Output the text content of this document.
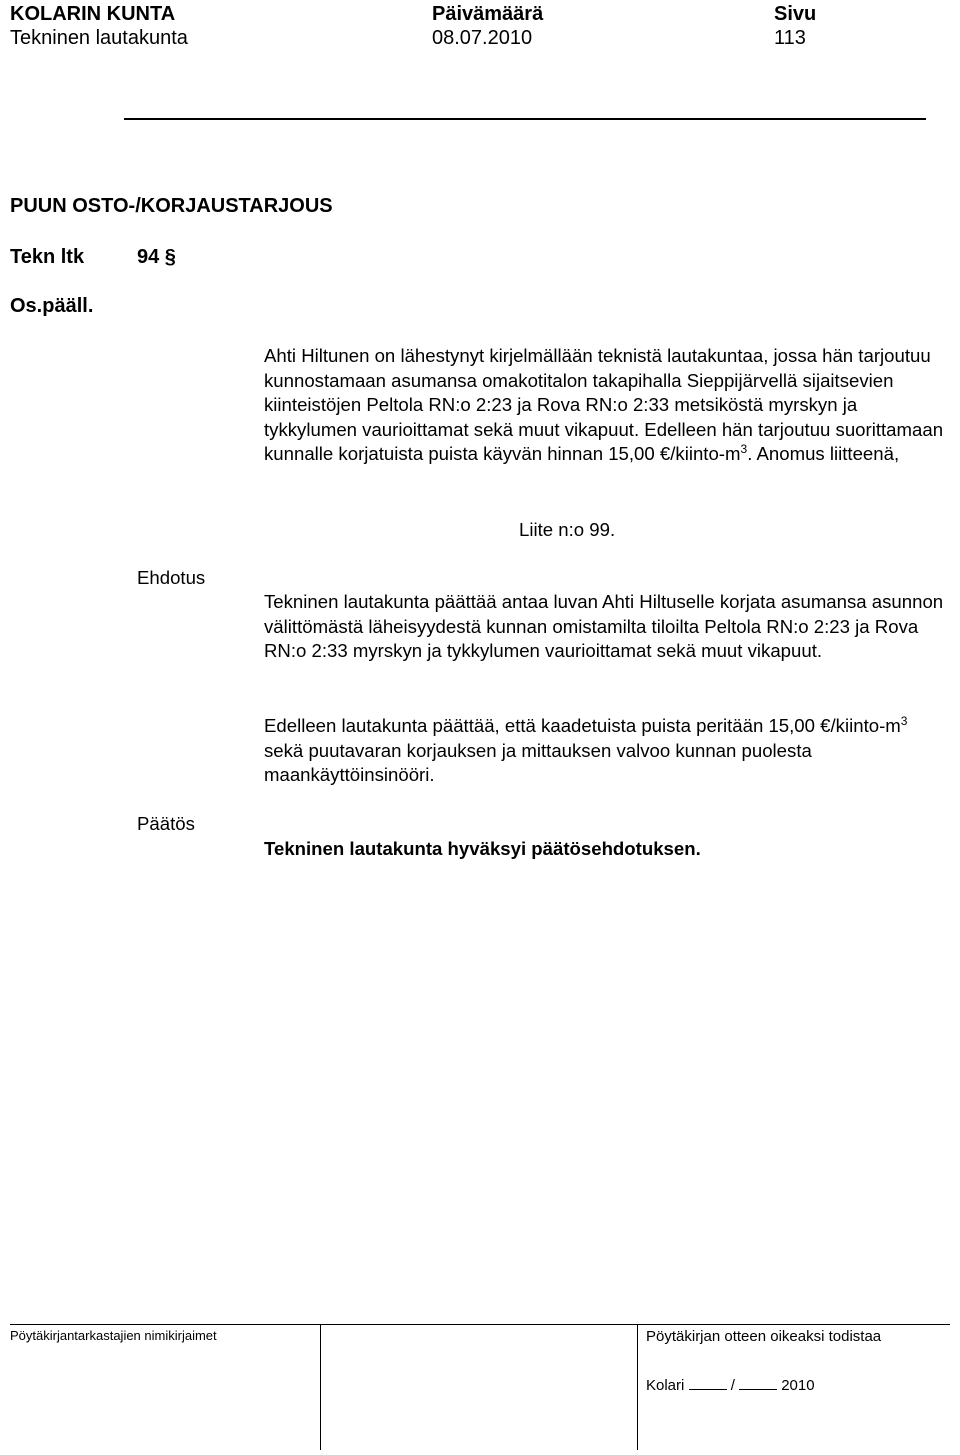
KOLARIN KUNTA	Päivämäärä	Sivu
Tekninen lautakunta	08.07.2010	113
PUUN OSTO-/KORJAUSTARJOUS
Tekn ltk	94 §
Os.pääll.
Ahti Hiltunen on lähestynyt kirjelmällään teknistä lautakuntaa, jossa hän tarjoutuu kunnostamaan asumansa omakotitalon takapihalla Sieppijärvellä sijaitsevien kiinteistöjen Peltola RN:o 2:23 ja Rova RN:o 2:33 metsiköstä myrskyn ja tykkylumen vaurioittamat sekä muut vikapuut. Edelleen hän tarjoutuu suorittamaan kunnalle korjatuista puista käyvän hinnan 15,00 $€/kiinto-m^3$. Anomus liitteenä,
Liite n:o 99.
Ehdotus
Tekninen lautakunta päättää antaa luvan Ahti Hiltuselle korjata asumansa asunnon välittömästä läheisyydestä kunnan omistamilta tiloilta Peltola RN:o 2:23 ja Rova RN:o 2:33 myrskyn ja tykkylumen vaurioittamat sekä muut vikapuut.
Edelleen lautakunta päättää, että kaadetuista puista peritään 15,00 $€/kiinto-m^3$ sekä puutavaran korjauksen ja mittauksen valvoo kunnan puolesta maankäyttöinsinööri.
Päätös
Tekninen lautakunta hyväksyi päätösehdotuksen.
Pöytäkirjantarkastajien nimikirjaimet	Pöytäkirjan otteen oikeaksi todistaa
Kolari	/	2010
